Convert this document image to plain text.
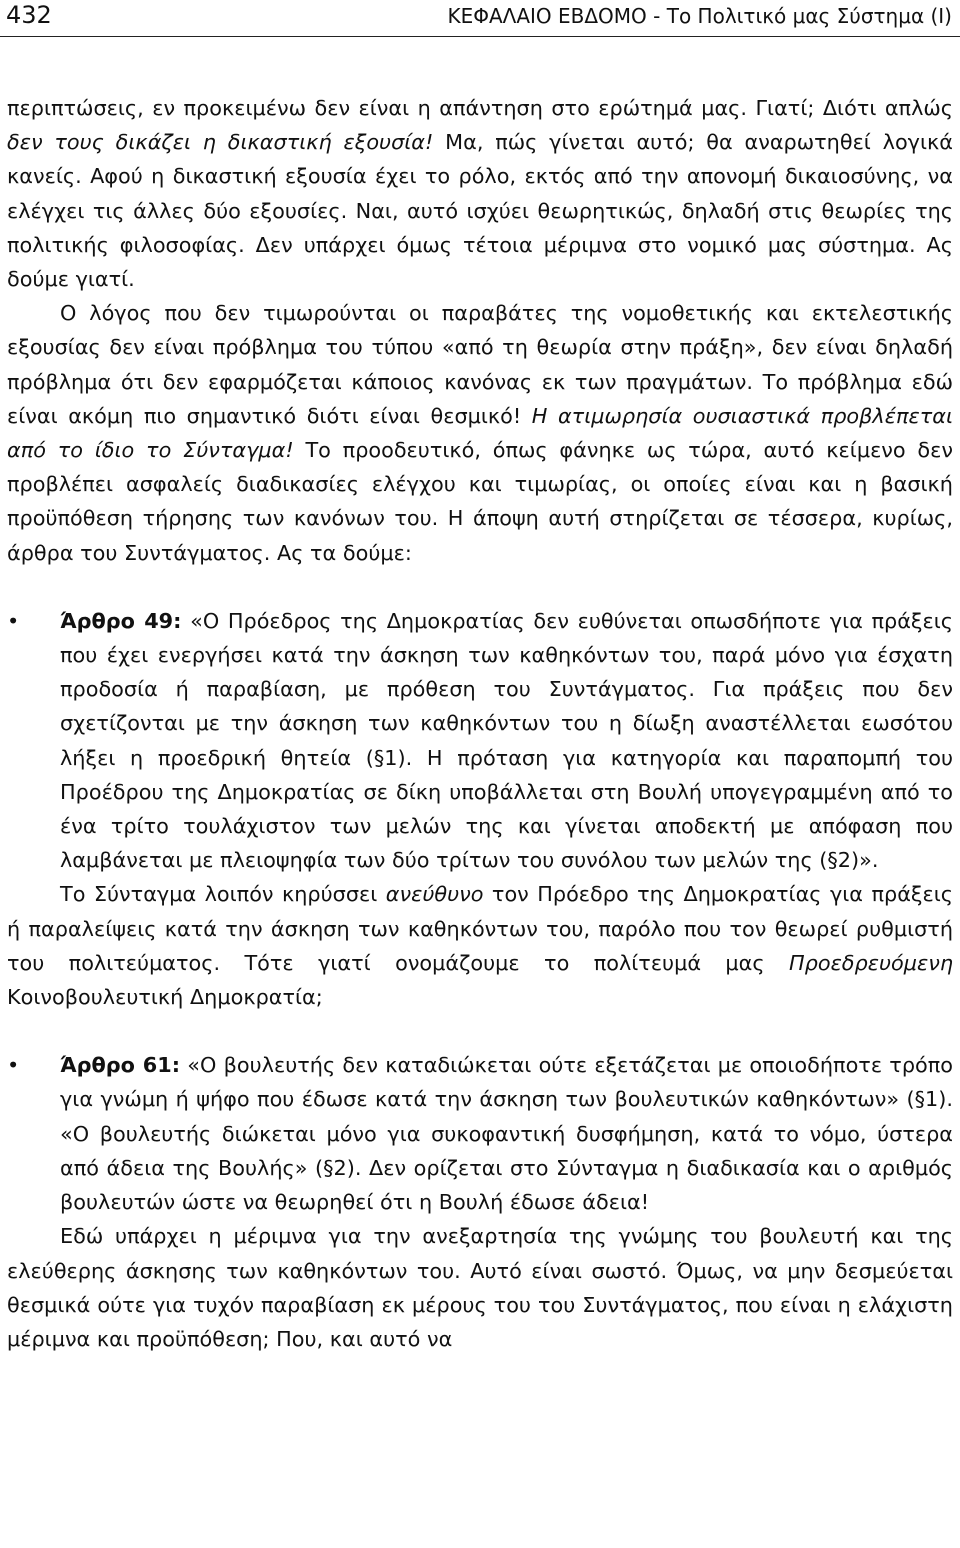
432	ΚΕΦΑΛΑΙΟ ΕΒΔΟΜΟ - Το Πολιτικό μας Σύστημα (Ι)

περιπτώσεις, εν προκειμένω δεν είναι η απάντηση στο ερώτημά μας. Γιατί; Διότι απλώς δεν τους δικάζει η δικαστική εξουσία! Μα, πώς γίνεται αυτό; θα αναρωτηθεί λογικά κανείς. Αφού η δικαστική εξουσία έχει το ρόλο, εκτός από την απονομή δικαιοσύνης, να ελέγχει τις άλλες δύο εξουσίες. Ναι, αυτό ισχύει θεωρητικώς, δηλαδή στις θεωρίες της πολιτικής φιλοσοφίας. Δεν υπάρχει όμως τέτοια μέριμνα στο νομικό μας σύστημα. Ας δούμε γιατί.

Ο λόγος που δεν τιμωρούνται οι παραβάτες της νομοθετικής και εκτελεστικής εξουσίας δεν είναι πρόβλημα του τύπου «από τη θεωρία στην πράξη», δεν είναι δηλαδή πρόβλημα ότι δεν εφαρμόζεται κάποιος κανόνας εκ των πραγμάτων. Το πρόβλημα εδώ είναι ακόμη πιο σημαντικό διότι είναι θεσμικό! Η ατιμωρησία ουσιαστικά προβλέπεται από το ίδιο το Σύνταγμα! Το προοδευτικό, όπως φάνηκε ως τώρα, αυτό κείμενο δεν προβλέπει ασφαλείς διαδικασίες ελέγχου και τιμωρίας, οι οποίες είναι και η βασική προϋπόθεση τήρησης των κανόνων του. Η άποψη αυτή στηρίζεται σε τέσσερα, κυρίως, άρθρα του Συντάγματος. Ας τα δούμε:

•	Άρθρο 49: «Ο Πρόεδρος της Δημοκρατίας δεν ευθύνεται οπωσδήποτε για πράξεις που έχει ενεργήσει κατά την άσκηση των καθηκόντων του, παρά μόνο για έσχατη προδοσία ή παραβίαση, με πρόθεση του Συντάγματος. Για πράξεις που δεν σχετίζονται με την άσκηση των καθηκόντων του η δίωξη αναστέλλεται εωσότου λήξει η προεδρική θητεία (§1). Η πρόταση για κατηγορία και παραπομπή του Προέδρου της Δημοκρατίας σε δίκη υποβάλλεται στη Βουλή υπογεγραμμένη από το ένα τρίτο τουλάχιστον των μελών της και γίνεται αποδεκτή με απόφαση που λαμβάνεται με πλειοψηφία των δύο τρίτων του συνόλου των μελών της (§2)».

Το Σύνταγμα λοιπόν κηρύσσει ανεύθυνο τον Πρόεδρο της Δημοκρατίας για πράξεις ή παραλείψεις κατά την άσκηση των καθηκόντων του, παρόλο που τον θεωρεί ρυθμιστή του πολιτεύματος. Τότε γιατί ονομάζουμε το πολίτευμά μας Προεδρευόμενη Κοινοβουλευτική Δημοκρατία;

•	Άρθρο 61: «Ο βουλευτής δεν καταδιώκεται ούτε εξετάζεται με οποιοδήποτε τρόπο για γνώμη ή ψήφο που έδωσε κατά την άσκηση των βουλευτικών καθηκόντων» (§1). «Ο βουλευτής διώκεται μόνο για συκοφαντική δυσφήμηση, κατά το νόμο, ύστερα από άδεια της Βουλής» (§2). Δεν ορίζεται στο Σύνταγμα η διαδικασία και ο αριθμός βουλευτών ώστε να θεωρηθεί ότι η Βουλή έδωσε άδεια!

Εδώ υπάρχει η μέριμνα για την ανεξαρτησία της γνώμης του βουλευτή και της ελεύθερης άσκησης των καθηκόντων του. Αυτό είναι σωστό. Όμως, να μην δεσμεύεται θεσμικά ούτε για τυχόν παραβίαση εκ μέρους του του Συντάγματος, που είναι η ελάχιστη μέριμνα και προϋπόθεση; Που, και αυτό να
